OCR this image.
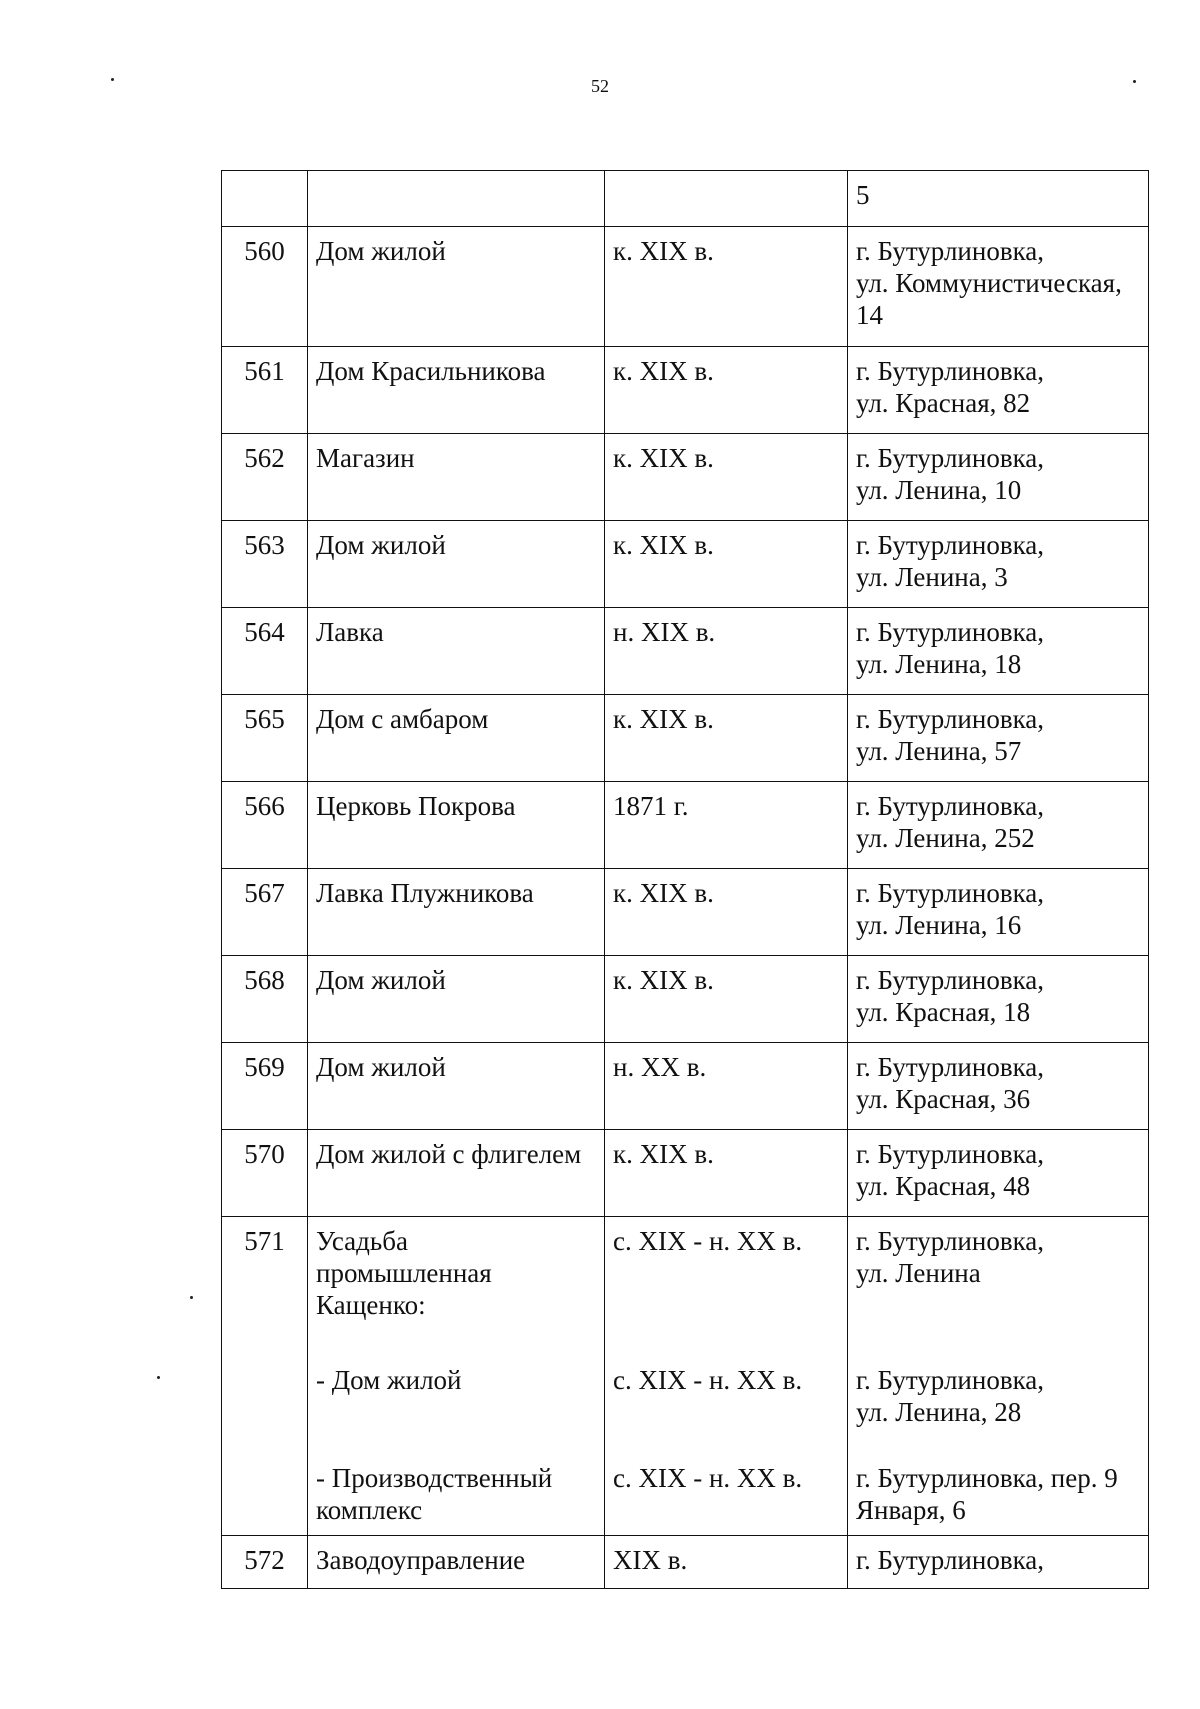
52
			5
560	Дом жилой	к. XIX в.	г. Бутурлиновка,
ул. Коммунистическая,
14
561	Дом Красильникова	к. XIX в.	г. Бутурлиновка,
ул. Красная, 82
562	Магазин	к. XIX в.	г. Бутурлиновка,
ул. Ленина, 10
563	Дом жилой	к. XIX в.	г. Бутурлиновка,
ул. Ленина, 3
564	Лавка	н. XIX в.	г. Бутурлиновка,
ул. Ленина, 18
565	Дом с амбаром	к. XIX в.	г. Бутурлиновка,
ул. Ленина, 57
566	Церковь Покрова	1871 г.	г. Бутурлиновка,
ул. Ленина, 252
567	Лавка Плужникова	к. XIX в.	г. Бутурлиновка,
ул. Ленина, 16
568	Дом жилой	к. XIX в.	г. Бутурлиновка,
ул. Красная, 18
569	Дом жилой	н. XX в.	г. Бутурлиновка,
ул. Красная, 36
570	Дом жилой с флигелем	к. XIX в.	г. Бутурлиновка,
ул. Красная, 48
571	Усадьба
промышленная
Кащенко:	с. XIX - н. XX в.	г. Бутурлиновка,
ул. Ленина
	- Дом жилой	с. XIX - н. XX в.	г. Бутурлиновка,
ул. Ленина, 28
	- Производственный
комплекс	с. XIX - н. XX в.	г. Бутурлиновка, пер. 9
Января, 6
572	Заводоуправление	XIX в.	г. Бутурлиновка,
